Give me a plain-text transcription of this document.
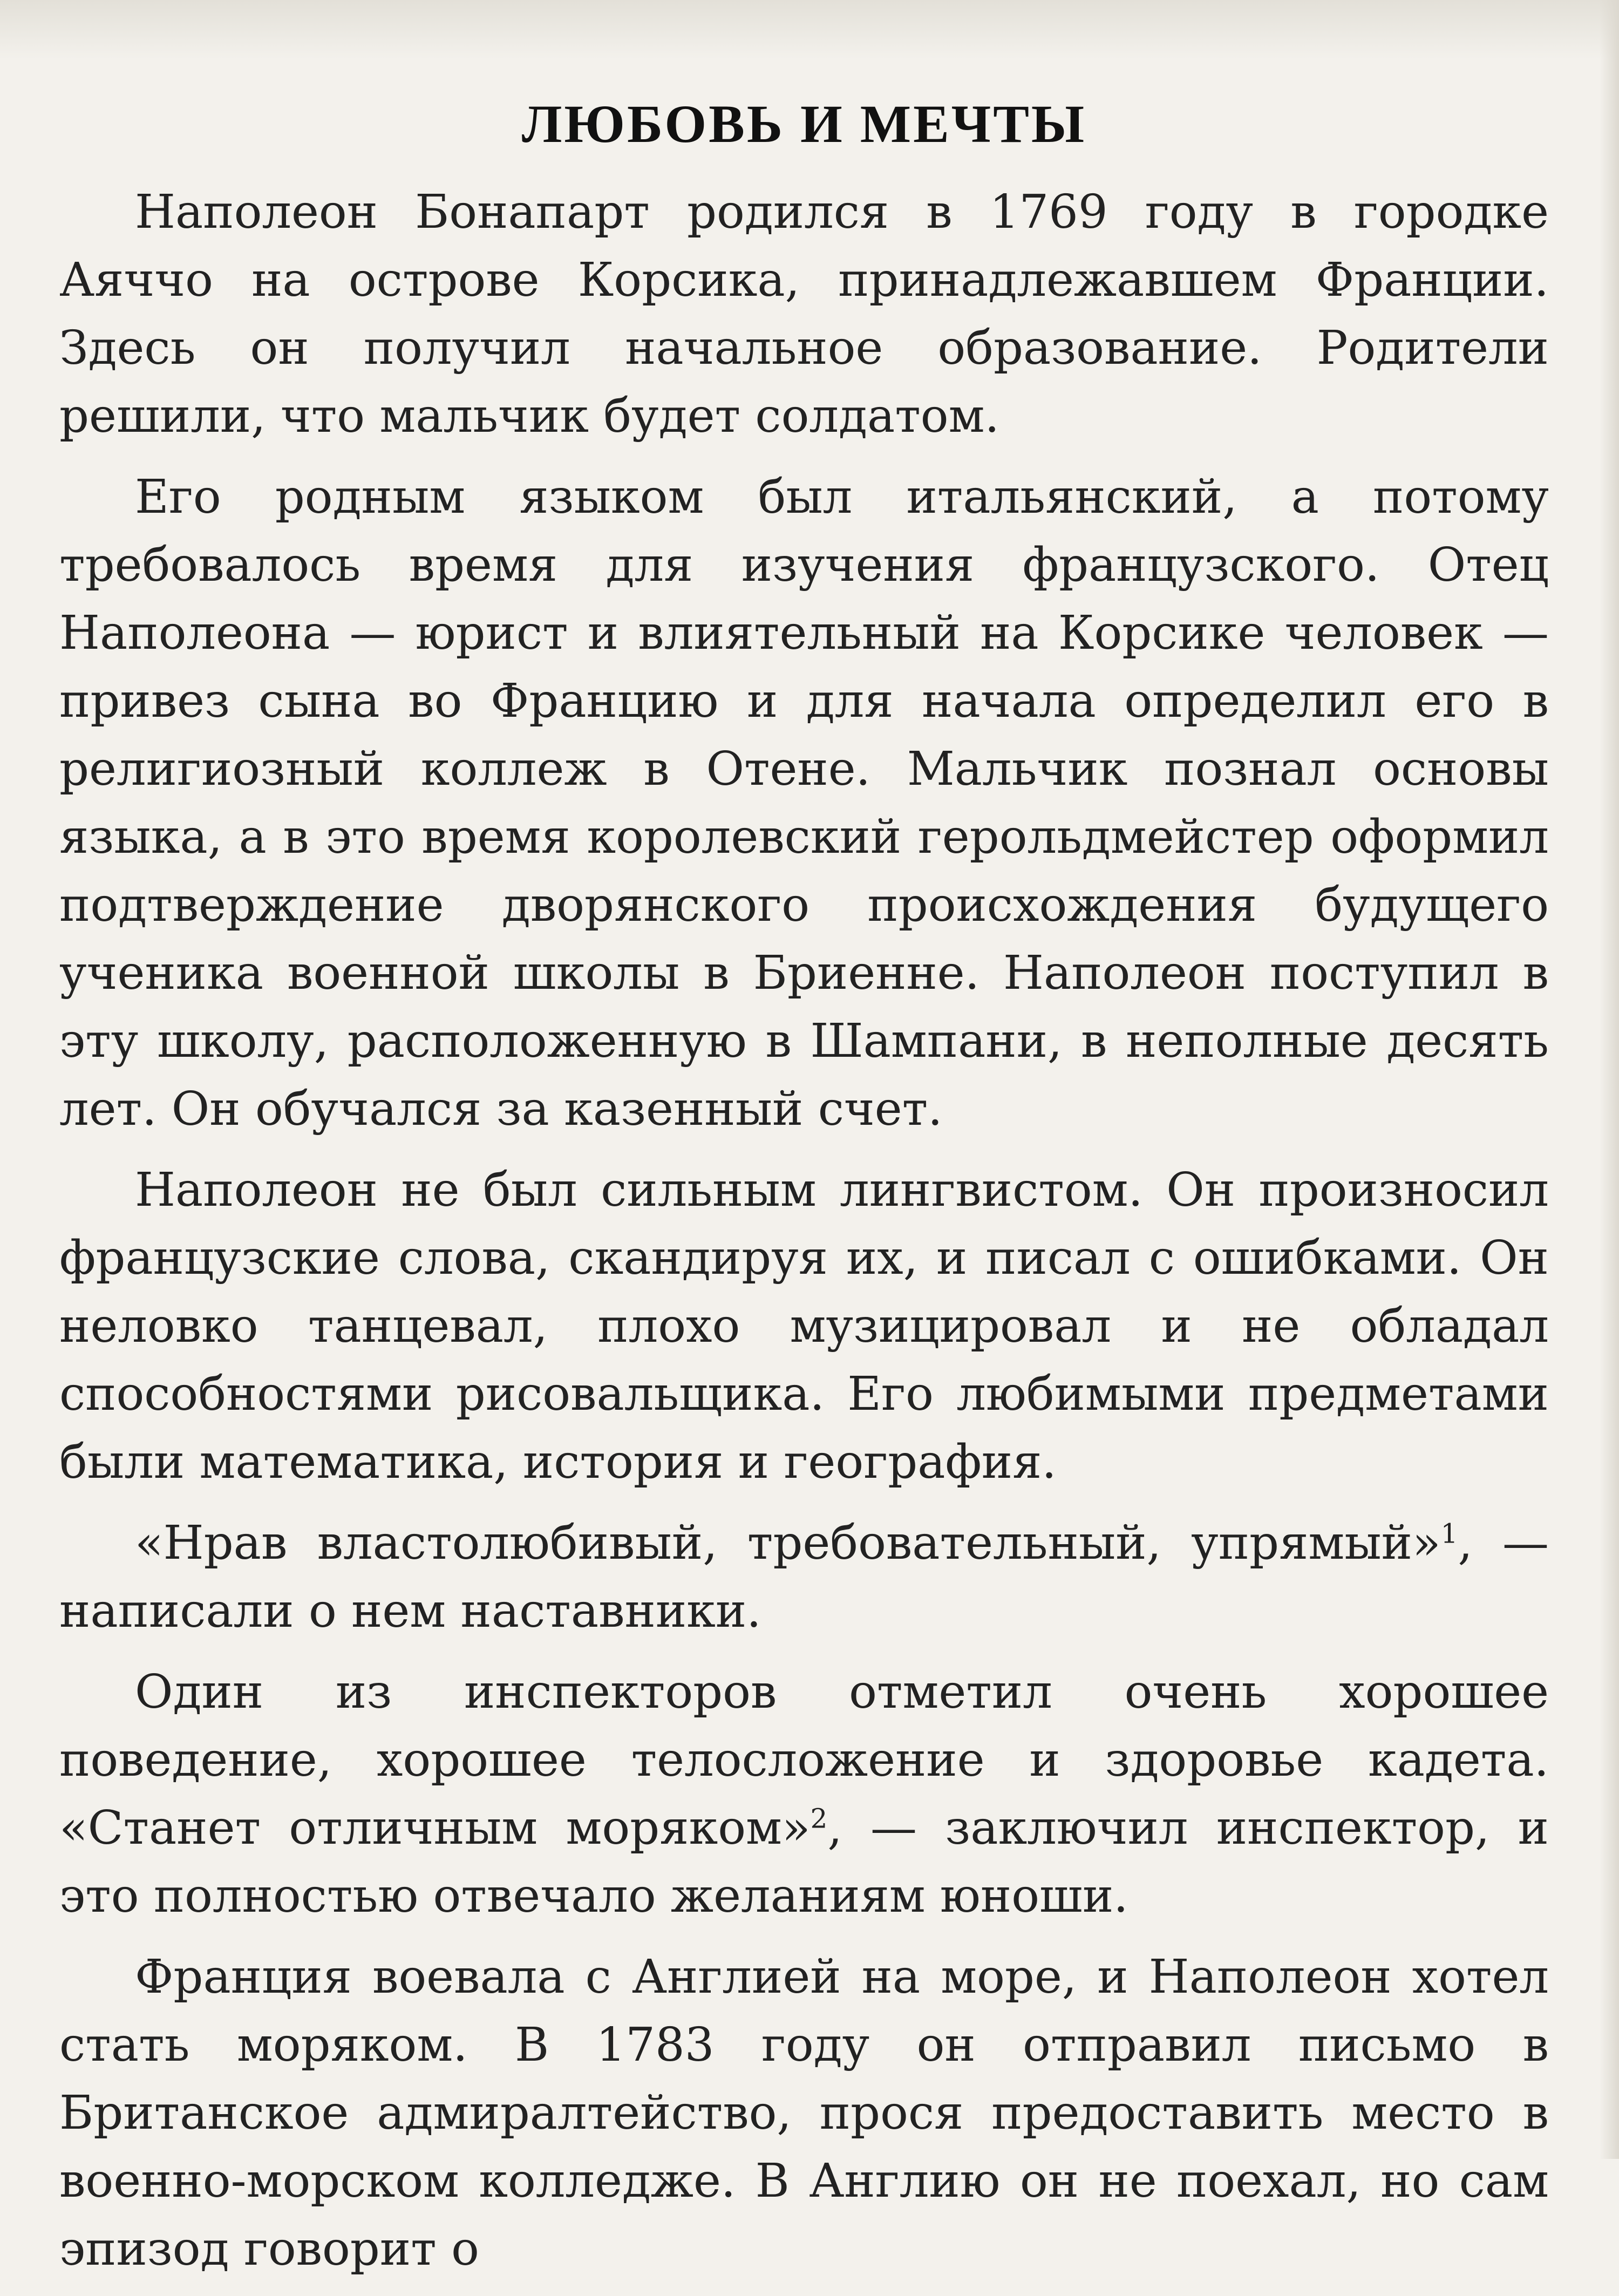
ЛЮБОВЬ И МЕЧТЫ

Наполеон Бонапарт родился в 1769 году в городке Аяччо на острове Корсика, принадлежавшем Франции. Здесь он получил начальное образование. Родители решили, что мальчик будет солдатом.

Его родным языком был итальянский, а потому требовалось время для изучения французского. Отец Наполеона — юрист и влиятельный на Корсике человек — привез сына во Францию и для начала определил его в религиозный коллеж в Отене. Мальчик познал основы языка, а в это время королевский герольдмейстер оформил подтверждение дворянского происхождения будущего ученика военной школы в Бриенне. Наполеон поступил в эту школу, расположенную в Шампани, в неполные десять лет. Он обучался за казенный счет.

Наполеон не был сильным лингвистом. Он произносил французские слова, скандируя их, и писал с ошибками. Он неловко танцевал, плохо музицировал и не обладал способностями рисовальщика. Его любимыми предметами были математика, история и география.

«Нрав властолюбивый, требовательный, упрямый»$^1$, — написали о нем наставники.

Один из инспекторов отметил очень хорошее поведение, хорошее телосложение и здоровье кадета. «Станет отличным моряком»$^2$, — заключил инспектор, и это полностью отвечало желаниям юноши.

Франция воевала с Англией на море, и Наполеон хотел стать моряком. В 1783 году он отправил письмо в Британское адмиралтейство, прося предоставить место в военно-морском колледже. В Англию он не поехал, но сам эпизод говорит о
